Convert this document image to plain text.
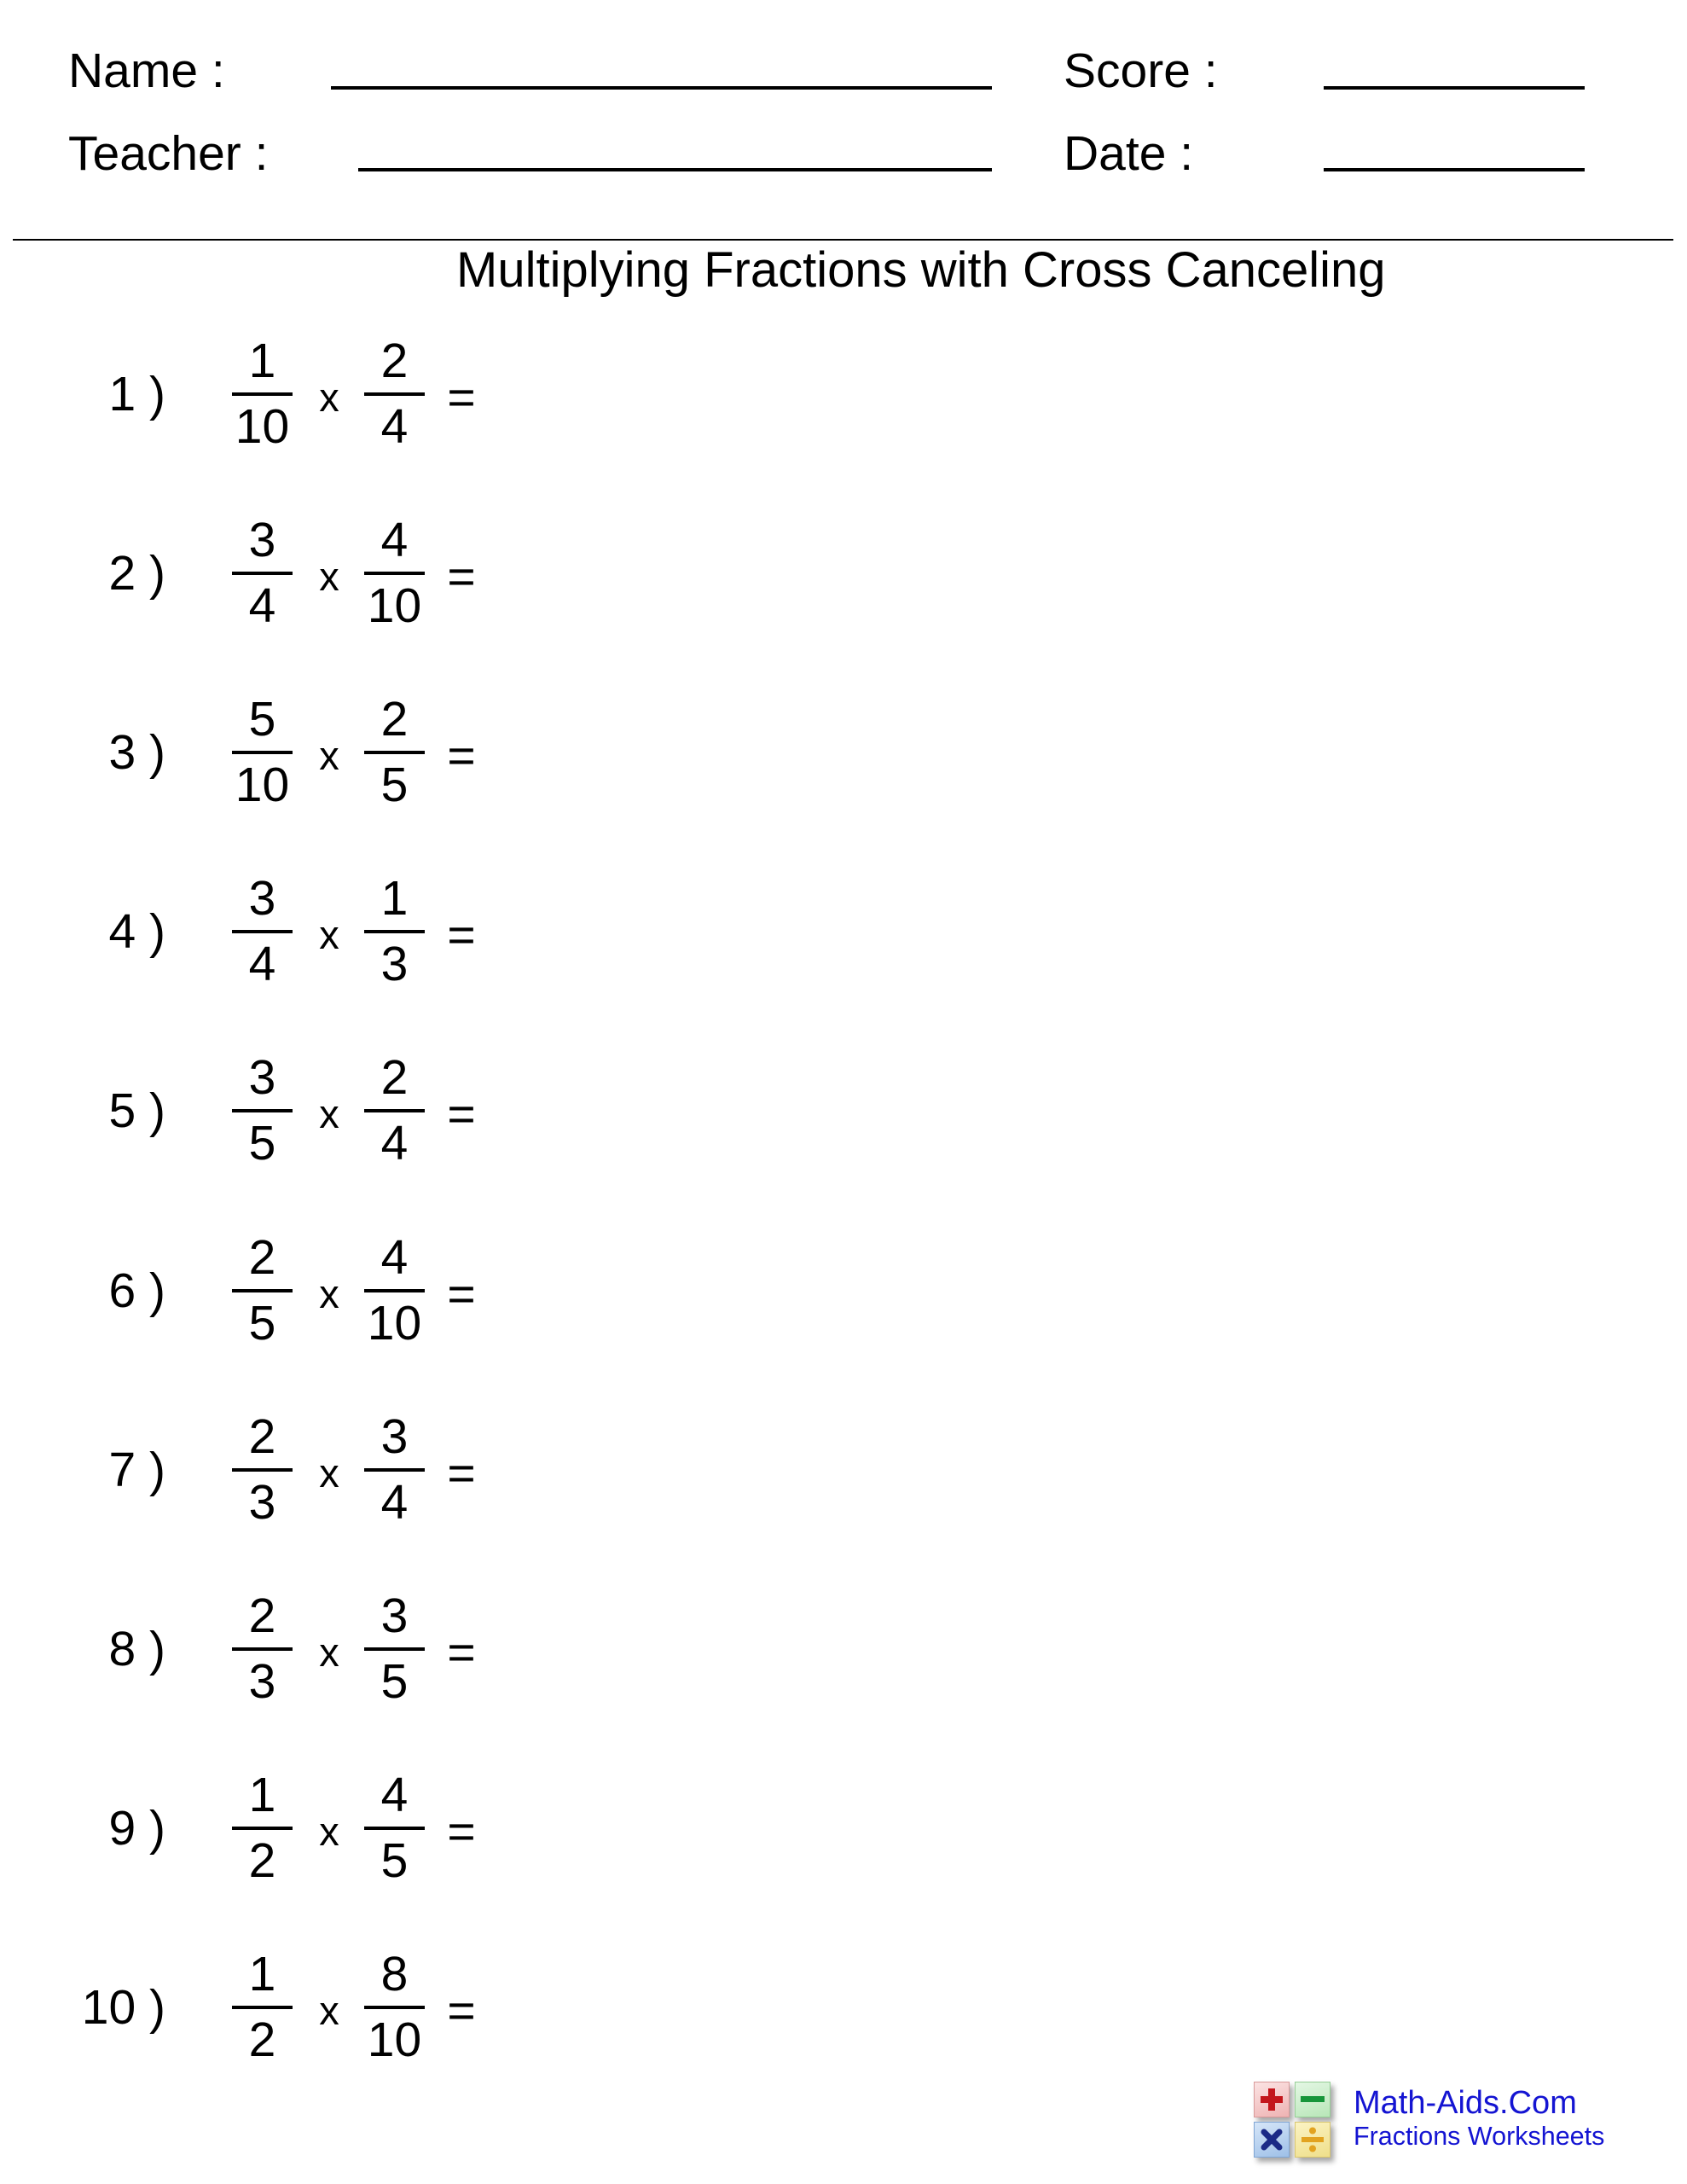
Name :
Teacher :
Score :
Date :
Multiplying Fractions with Cross Canceling
1 )
1
10
x
2
4
=
2 )
3
4
x
4
10
=
3 )
5
10
x
2
5
=
4 )
3
4
x
1
3
=
5 )
3
5
x
2
4
=
6 )
2
5
x
4
10
=
7 )
2
3
x
3
4
=
8 )
2
3
x
3
5
=
9 )
1
2
x
4
5
=
10 )
1
2
x
8
10
=
Math-Aids.Com
Fractions Worksheets
